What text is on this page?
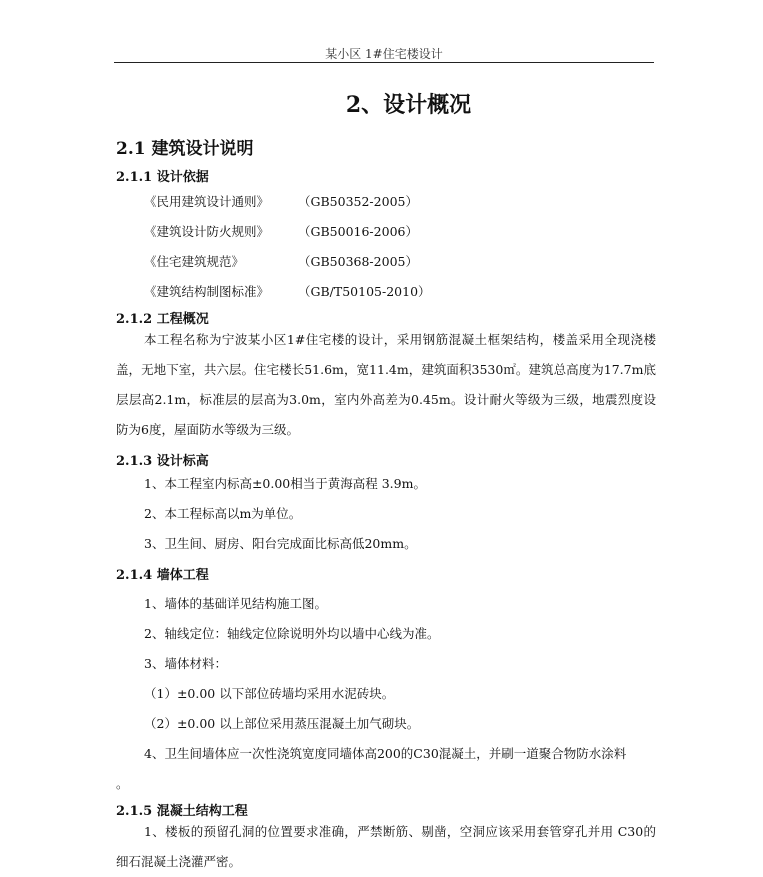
某小区 1#住宅楼设计
2、设计概况
2.1 建筑设计说明
2.1.1 设计依据
《民用建筑设计通则》 （GB50352-2005）
《建筑设计防火规则》 （GB50016-2006）
《住宅建筑规范》	（GB50368-2005）
《建筑结构制图标准》 （GB/T50105-2010）
2.1.2 工程概况
本工程名称为宁波某小区1#住宅楼的设计，采用钢筋混凝土框架结构，楼盖采用全现浇楼盖，无地下室，共六层。住宅楼长51.6m，宽11.4m，建筑面积3530㎡。建筑总高度为17.7m底层层高2.1m，标准层的层高为3.0m，室内外高差为0.45m。设计耐火等级为三级，地震烈度设防为6度，屋面防水等级为三级。
2.1.3 设计标高
1、本工程室内标高±0.00相当于黄海高程 3.9m。
2、本工程标高以m为单位。
3、卫生间、厨房、阳台完成面比标高低20mm。
2.1.4 墙体工程
1、墙体的基础详见结构施工图。
2、轴线定位：轴线定位除说明外均以墙中心线为准。
3、墙体材料：
（1）±0.00 以下部位砖墙均采用水泥砖块。
（2）±0.00 以上部位采用蒸压混凝土加气砌块。
4、卫生间墙体应一次性浇筑宽度同墙体高200的C30混凝土，并刷一道聚合物防水涂料
。
2.1.5 混凝土结构工程
1、楼板的预留孔洞的位置要求准确，严禁断筋、剔凿，空洞应该采用套管穿孔并用 C30的细石混凝土浇灌严密。
